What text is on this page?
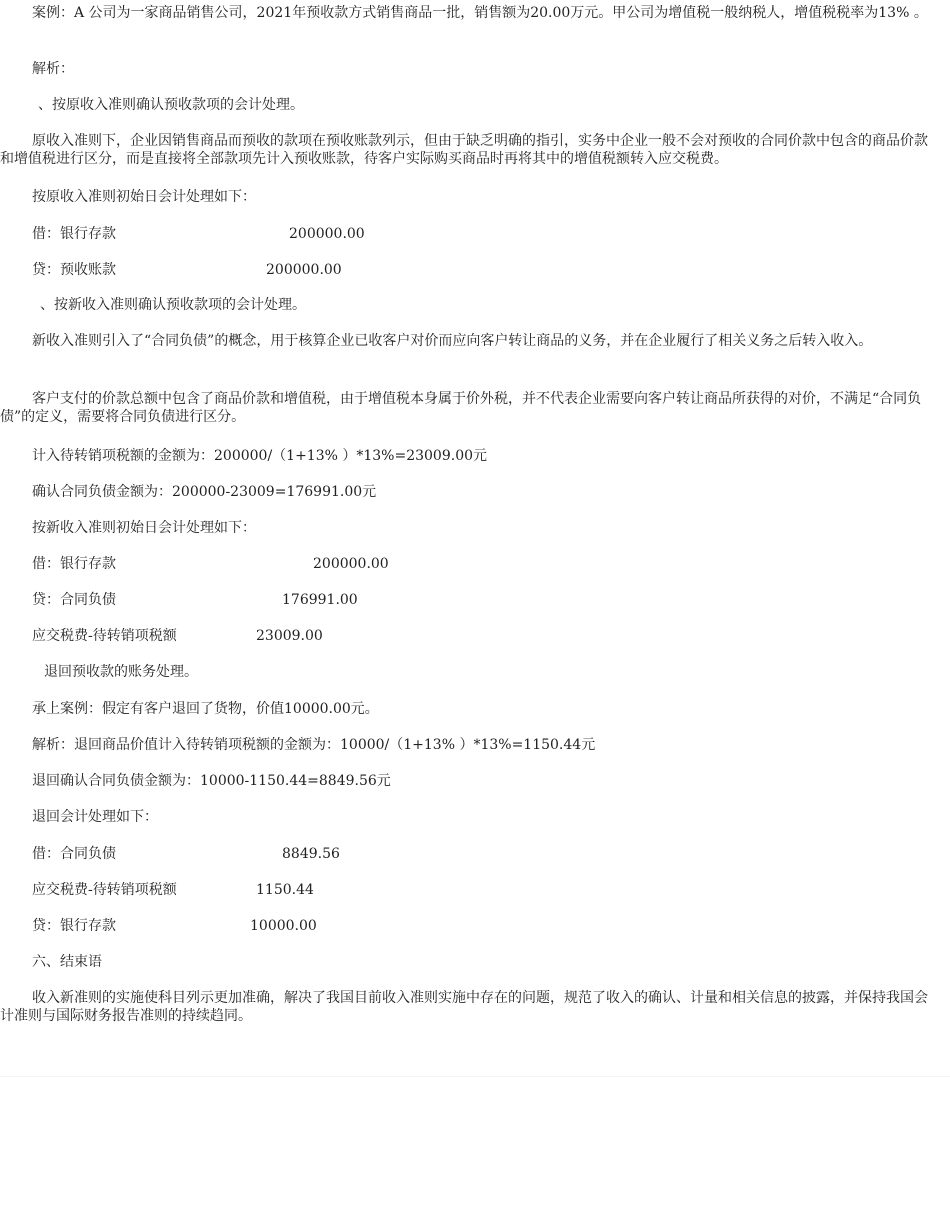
案例：A 公司为一家商品销售公司，2021年预收款方式销售商品一批，销售额为20.00万元。甲公司为增值税一般纳税人，增值税税率为13% 。
解析：
、按原收入准则确认预收款项的会计处理。
原收入准则下，企业因销售商品而预收的款项在预收账款列示，但由于缺乏明确的指引，实务中企业一般不会对预收的合同价款中包含的商品价款和增值税进行区分，而是直接将全部款项先计入预收账款，待客户实际购买商品时再将其中的增值税额转入应交税费。
按原收入准则初始日会计处理如下：
借：银行存款	200000.00
贷：预收账款	200000.00
、按新收入准则确认预收款项的会计处理。
新收入准则引入了“合同负债”的概念，用于核算企业已收客户对价而应向客户转让商品的义务，并在企业履行了相关义务之后转入收入。
客户支付的价款总额中包含了商品价款和增值税，由于增值税本身属于价外税，并不代表企业需要向客户转让商品所获得的对价，不满足“合同负债”的定义，需要将合同负债进行区分。
计入待转销项税额的金额为：200000/（1+13% ）*13%=23009.00元
确认合同负债金额为：200000-23009=176991.00元
按新收入准则初始日会计处理如下：
借：银行存款	200000.00
贷：合同负债	176991.00
应交税费-待转销项税额	23009.00
退回预收款的账务处理。
承上案例：假定有客户退回了货物，价值10000.00元。
解析：退回商品价值计入待转销项税额的金额为：10000/（1+13% ）*13%=1150.44元
退回确认合同负债金额为：10000-1150.44=8849.56元
退回会计处理如下：
借：合同负债	8849.56
应交税费-待转销项税额	1150.44
贷：银行存款	10000.00
六、结束语
收入新准则的实施使科目列示更加准确，解决了我国目前收入准则实施中存在的问题，规范了收入的确认、计量和相关信息的披露，并保持我国会计准则与国际财务报告准则的持续趋同。
